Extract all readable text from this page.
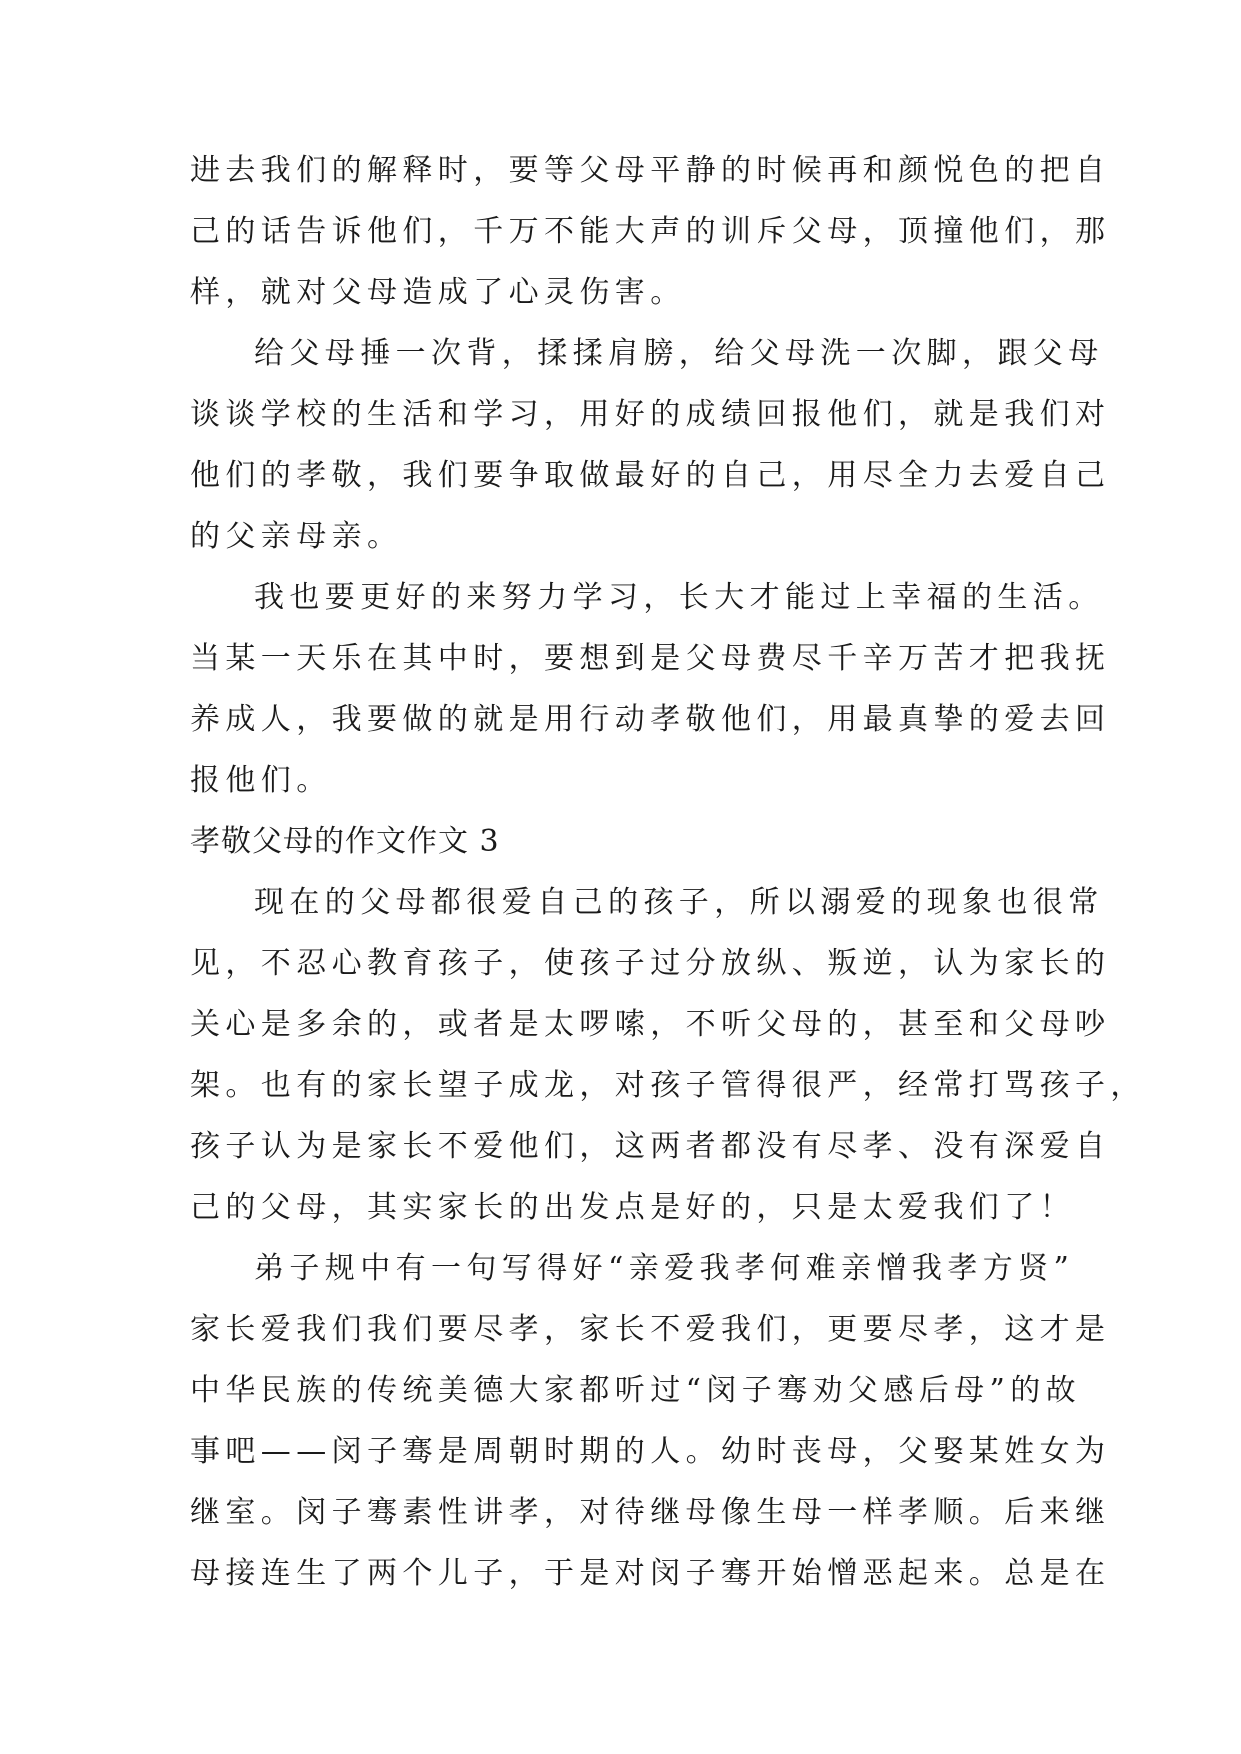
进去我们的解释时，要等父母平静的时候再和颜悦色的把自
己的话告诉他们，千万不能大声的训斥父母，顶撞他们，那
样，就对父母造成了心灵伤害。
给父母捶一次背，揉揉肩膀，给父母洗一次脚，跟父母
谈谈学校的生活和学习，用好的成绩回报他们，就是我们对
他们的孝敬，我们要争取做最好的自己，用尽全力去爱自己
的父亲母亲。
我也要更好的来努力学习，长大才能过上幸福的生活。
当某一天乐在其中时，要想到是父母费尽千辛万苦才把我抚
养成人，我要做的就是用行动孝敬他们，用最真挚的爱去回
报他们。
孝敬父母的作文作文 3
现在的父母都很爱自己的孩子，所以溺爱的现象也很常
见，不忍心教育孩子，使孩子过分放纵、叛逆，认为家长的
关心是多余的，或者是太啰嗦，不听父母的，甚至和父母吵
架。也有的家长望子成龙，对孩子管得很严，经常打骂孩子，
孩子认为是家长不爱他们，这两者都没有尽孝、没有深爱自
己的父母，其实家长的出发点是好的，只是太爱我们了！
弟子规中有一句写得好“亲爱我孝何难亲憎我孝方贤”
家长爱我们我们要尽孝，家长不爱我们，更要尽孝，这才是
中华民族的传统美德大家都听过“闵子骞劝父感后母”的故
事吧——闵子骞是周朝时期的人。幼时丧母，父娶某姓女为
继室。闵子骞素性讲孝，对待继母像生母一样孝顺。后来继
母接连生了两个儿子，于是对闵子骞开始憎恶起来。总是在
